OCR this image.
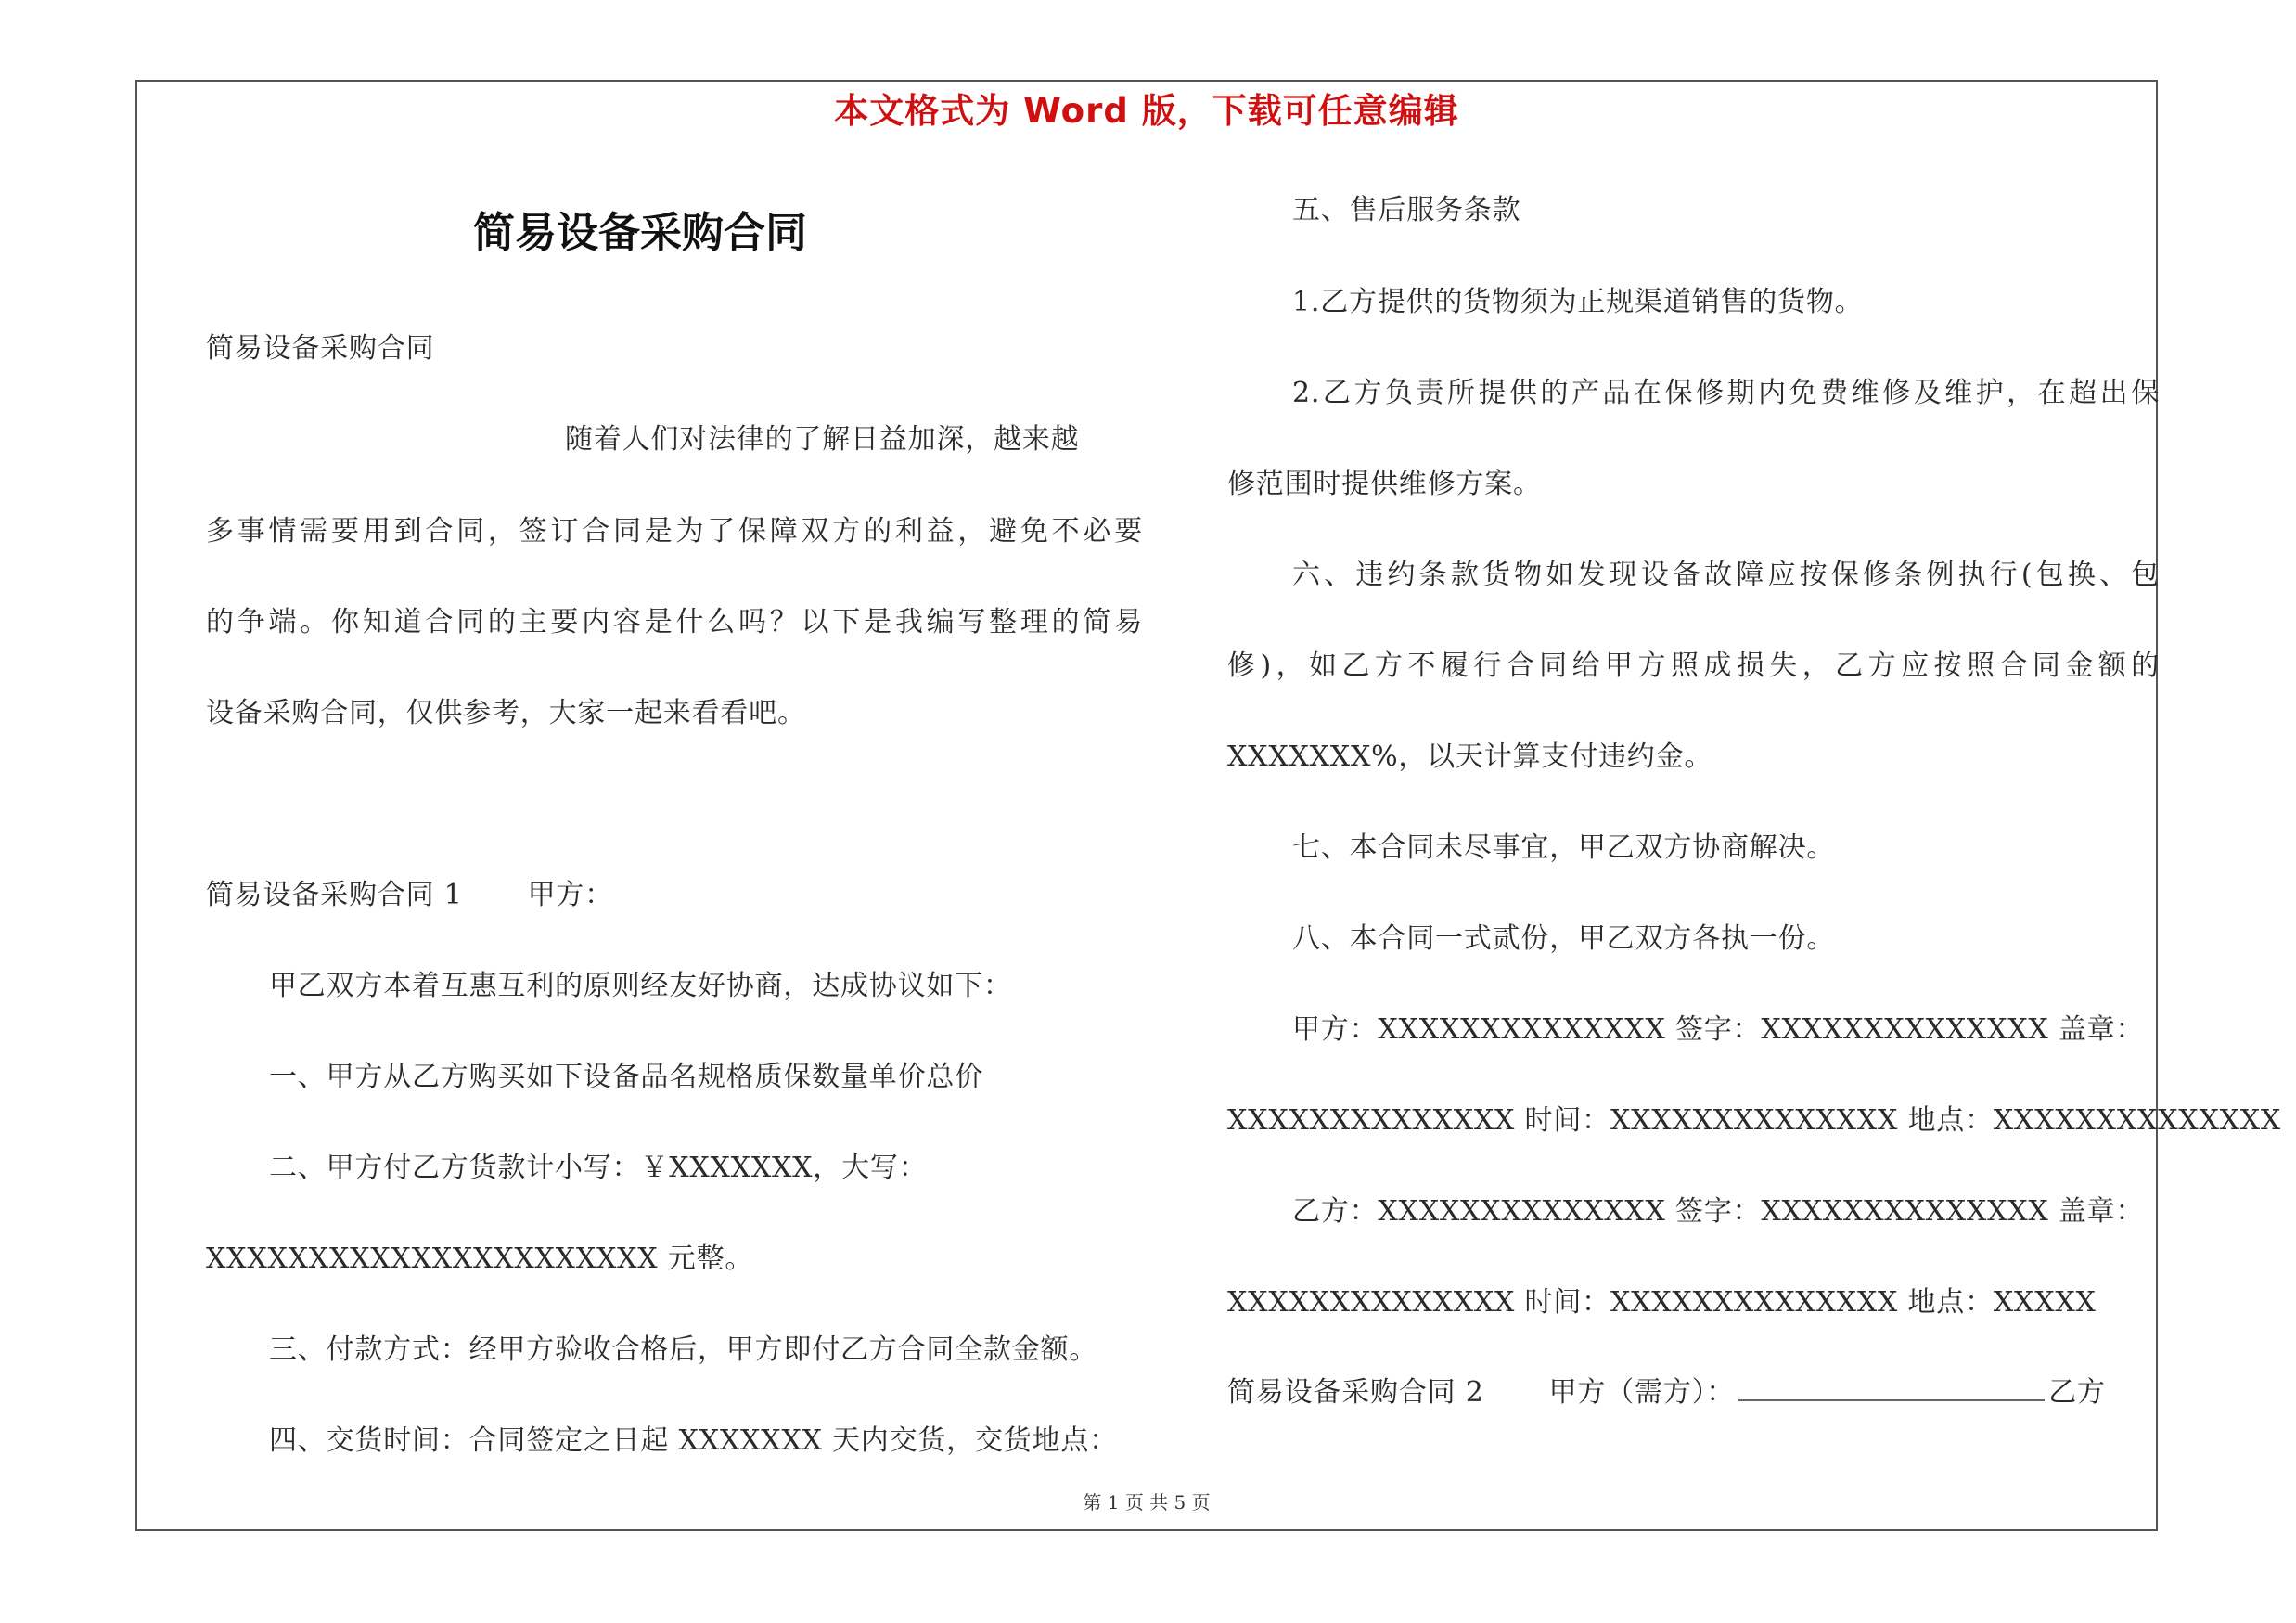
本文格式为 Word 版，下载可任意编辑
简易设备采购合同

简易设备采购合同

随着人们对法律的了解日益加深，越来越

多事情需要用到合同，签订合同是为了保障双方的利益，避免不必要

的争端。你知道合同的主要内容是什么吗？以下是我编写整理的简易

设备采购合同，仅供参考，大家一起来看看吧。

简易设备采购合同 1 甲方：

甲乙双方本着互惠互利的原则经友好协商，达成协议如下：

一、甲方从乙方购买如下设备品名规格质保数量单价总价

二、甲方付乙方货款计小写：￥XXXXXXX，大写：

XXXXXXXXXXXXXXXXXXXXXX 元整。

三、付款方式：经甲方验收合格后，甲方即付乙方合同全款金额。

四、交货时间：合同签定之日起 XXXXXXX 天内交货，交货地点：

五、售后服务条款

1.乙方提供的货物须为正规渠道销售的货物。

2.乙方负责所提供的产品在保修期内免费维修及维护，在超出保

修范围时提供维修方案。

六、违约条款货物如发现设备故障应按保修条例执行(包换、包

修)，如乙方不履行合同给甲方照成损失，乙方应按照合同金额的

XXXXXXX%，以天计算支付违约金。

七、本合同未尽事宜，甲乙双方协商解决。

八、本合同一式贰份，甲乙双方各执一份。

甲方：XXXXXXXXXXXXXX 签字：XXXXXXXXXXXXXX 盖章：

XXXXXXXXXXXXXX 时间：XXXXXXXXXXXXXX 地点：XXXXXXXXXXXXXX

乙方：XXXXXXXXXXXXXX 签字：XXXXXXXXXXXXXX 盖章：

XXXXXXXXXXXXXX 时间：XXXXXXXXXXXXXX 地点：XXXXX

简易设备采购合同 2 甲方（需方）：	乙方

第 1 页 共 5 页
